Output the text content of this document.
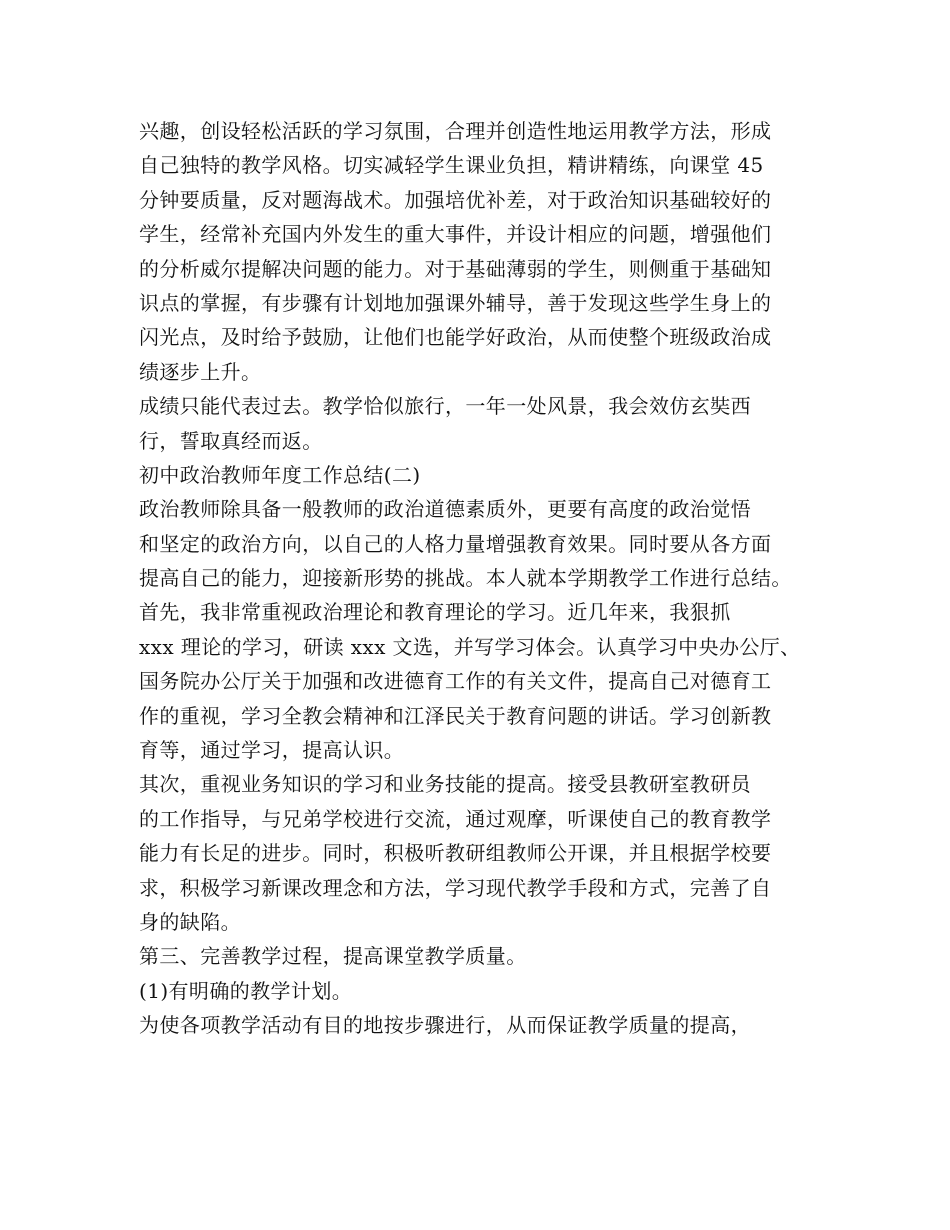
兴趣，创设轻松活跃的学习氛围，合理并创造性地运用教学方法，形成
自己独特的教学风格。切实减轻学生课业负担，精讲精练，向课堂 45
分钟要质量，反对题海战术。加强培优补差，对于政治知识基础较好的
学生，经常补充国内外发生的重大事件，并设计相应的问题，增强他们
的分析威尔提解决问题的能力。对于基础薄弱的学生，则侧重于基础知
识点的掌握，有步骤有计划地加强课外辅导，善于发现这些学生身上的
闪光点，及时给予鼓励，让他们也能学好政治，从而使整个班级政治成
绩逐步上升。
成绩只能代表过去。教学恰似旅行，一年一处风景，我会效仿玄奘西
行，誓取真经而返。
初中政治教师年度工作总结(二)
政治教师除具备一般教师的政治道德素质外，更要有高度的政治觉悟
和坚定的政治方向，以自己的人格力量增强教育效果。同时要从各方面
提高自己的能力，迎接新形势的挑战。本人就本学期教学工作进行总结。
首先，我非常重视政治理论和教育理论的学习。近几年来，我狠抓
xxx 理论的学习，研读 xxx 文选，并写学习体会。认真学习中央办公厅、
国务院办公厅关于加强和改进德育工作的有关文件，提高自己对德育工
作的重视，学习全教会精神和江泽民关于教育问题的讲话。学习创新教
育等，通过学习，提高认识。
其次，重视业务知识的学习和业务技能的提高。接受县教研室教研员
的工作指导，与兄弟学校进行交流，通过观摩，听课使自己的教育教学
能力有长足的进步。同时，积极听教研组教师公开课，并且根据学校要
求，积极学习新课改理念和方法，学习现代教学手段和方式，完善了自
身的缺陷。
第三、完善教学过程，提高课堂教学质量。
(1)有明确的教学计划。
为使各项教学活动有目的地按步骤进行，从而保证教学质量的提高，
